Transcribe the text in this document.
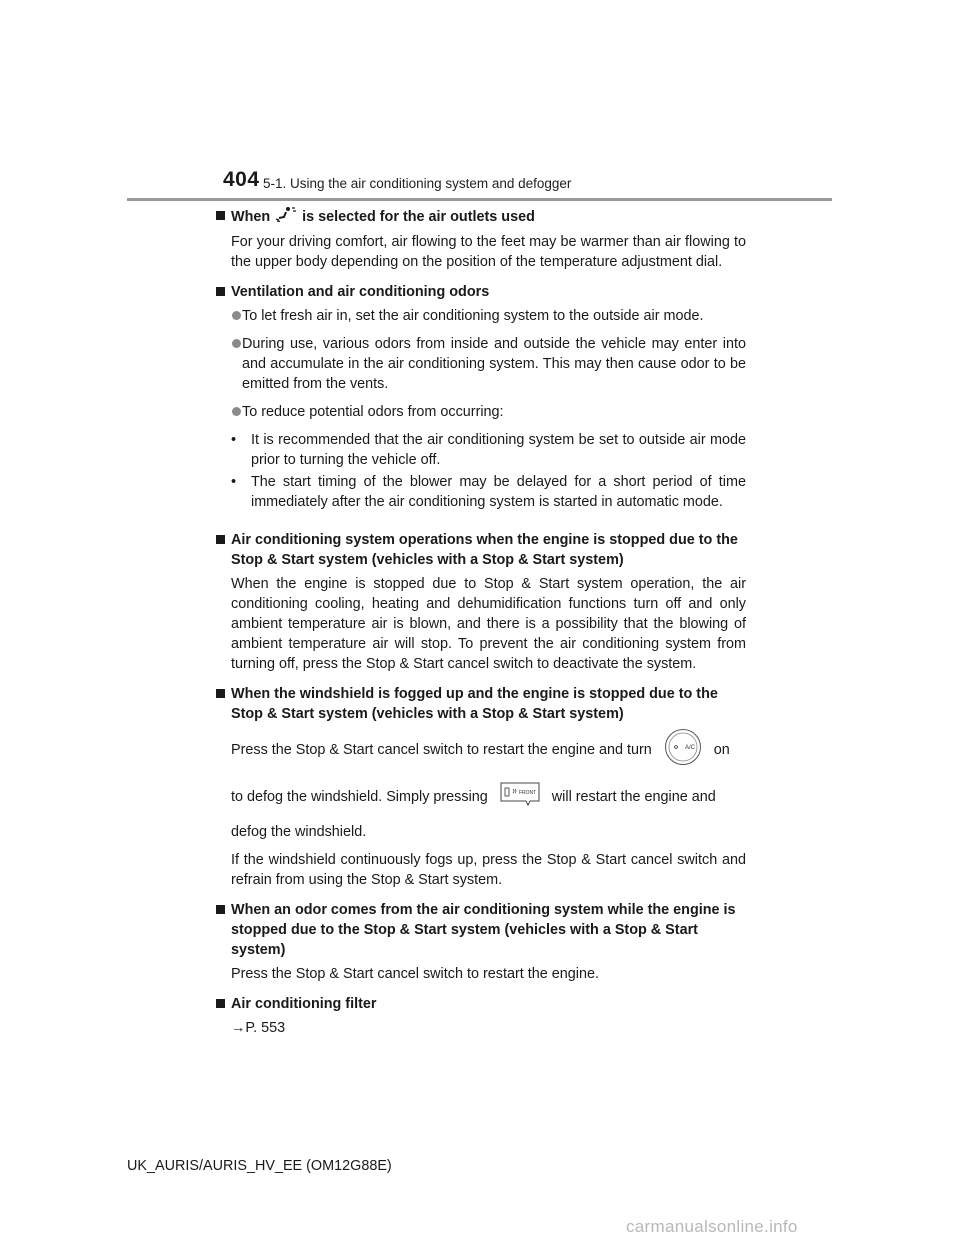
404 5-1. Using the air conditioning system and defogger
When is selected for the air outlets used
For your driving comfort, air flowing to the feet may be warmer than air flowing to the upper body depending on the position of the temperature adjustment dial.
Ventilation and air conditioning odors
To let fresh air in, set the air conditioning system to the outside air mode.
During use, various odors from inside and outside the vehicle may enter into and accumulate in the air conditioning system. This may then cause odor to be emitted from the vents.
To reduce potential odors from occurring:
• It is recommended that the air conditioning system be set to outside air mode prior to turning the vehicle off.
• The start timing of the blower may be delayed for a short period of time immediately after the air conditioning system is started in automatic mode.
Air conditioning system operations when the engine is stopped due to the Stop & Start system (vehicles with a Stop & Start system)
When the engine is stopped due to Stop & Start system operation, the air conditioning cooling, heating and dehumidification functions turn off and only ambient temperature air is blown, and there is a possibility that the blowing of ambient temperature air will stop. To prevent the air conditioning system from turning off, press the Stop & Start cancel switch to deactivate the system.
When the windshield is fogged up and the engine is stopped due to the Stop & Start system (vehicles with a Stop & Start system)
Press the Stop & Start cancel switch to restart the engine and turn	A/C on
to defog the windshield. Simply pressing	FRONT will restart the engine and
defog the windshield.
If the windshield continuously fogs up, press the Stop & Start cancel switch and refrain from using the Stop & Start system.
When an odor comes from the air conditioning system while the engine is stopped due to the Stop & Start system (vehicles with a Stop & Start system)
Press the Stop & Start cancel switch to restart the engine.
Air conditioning filter
→P. 553
UK_AURIS/AURIS_HV_EE (OM12G88E)
carmanualsonline.info
